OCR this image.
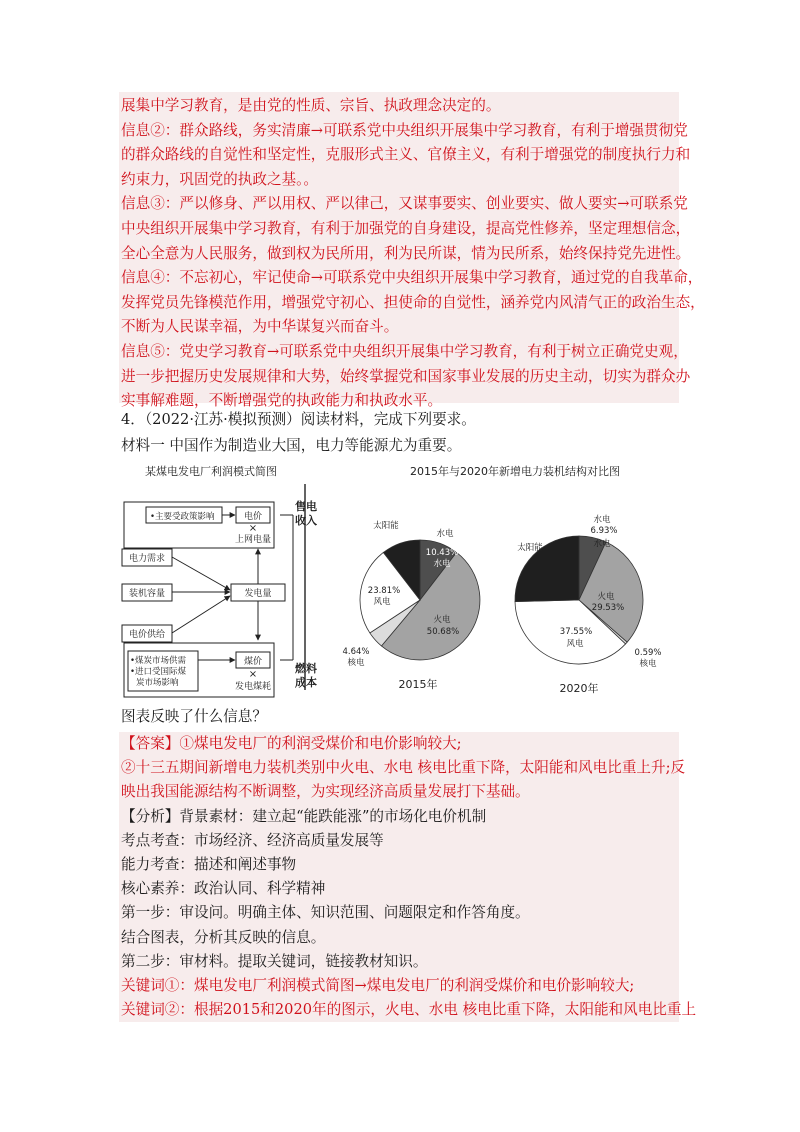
展集中学习教育，是由党的性质、宗旨、执政理念决定的。
信息②：群众路线，务实清廉→可联系党中央组织开展集中学习教育，有利于增强贯彻党
的群众路线的自觉性和坚定性，克服形式主义、官僚主义，有利于增强党的制度执行力和
约束力，巩固党的执政之基。。
信息③：严以修身、严以用权、严以律己，又谋事要实、创业要实、做人要实→可联系党
中央组织开展集中学习教育，有利于加强党的自身建设，提高党性修养，坚定理想信念，
全心全意为人民服务，做到权为民所用，利为民所谋，情为民所系，始终保持党先进性。
信息④：不忘初心，牢记使命→可联系党中央组织开展集中学习教育，通过党的自我革命，
发挥党员先锋模范作用，增强党守初心、担使命的自觉性，涵养党内风清气正的政治生态，
不断为人民谋幸福，为中华谋复兴而奋斗。
信息⑤：党史学习教育→可联系党中央组织开展集中学习教育，有利于树立正确党史观，
进一步把握历史发展规律和大势，始终掌握党和国家事业发展的历史主动，切实为群众办
实事解难题，不断增强党的执政能力和执政水平。
4．（2022·江苏·模拟预测）阅读材料，完成下列要求。
材料一 中国作为制造业大国，电力等能源尤为重要。
某煤电发电厂利润模式简图
•主要受政策影响	电价
×
上网电量
电力需求
装机容量
电价供给
发电量
•煤炭市场供需
•进口受国际煤
炭市场影响
煤价
×
发电煤耗
售电
收入
燃料
成本
2015年与2020年新增电力装机结构对比图
太阳能
水电
10.43%
水电
23.81%
风电
火电
50.68%
4.64%
核电
太阳能
水电
6.93%
水电
火电
29.53%
37.55%
风电
0.59%
核电
2015年	2020年
图表反映了什么信息？
【答案】①煤电发电厂的利润受煤价和电价影响较大;
②十三五期间新增电力装机类别中火电、水电 核电比重下降，太阳能和风电比重上升;反
映出我国能源结构不断调整，为实现经济高质量发展打下基础。
【分析】背景素材：建立起“能跌能涨”的市场化电价机制
考点考查：市场经济、经济高质量发展等
能力考查：描述和阐述事物
核心素养：政治认同、科学精神
第一步：审设问。明确主体、知识范围、问题限定和作答角度。
结合图表，分析其反映的信息。
第二步：审材料。提取关键词，链接教材知识。
关键词①：煤电发电厂利润模式简图→煤电发电厂的利润受煤价和电价影响较大;
关键词②：根据2015和2020年的图示，火电、水电 核电比重下降，太阳能和风电比重上
